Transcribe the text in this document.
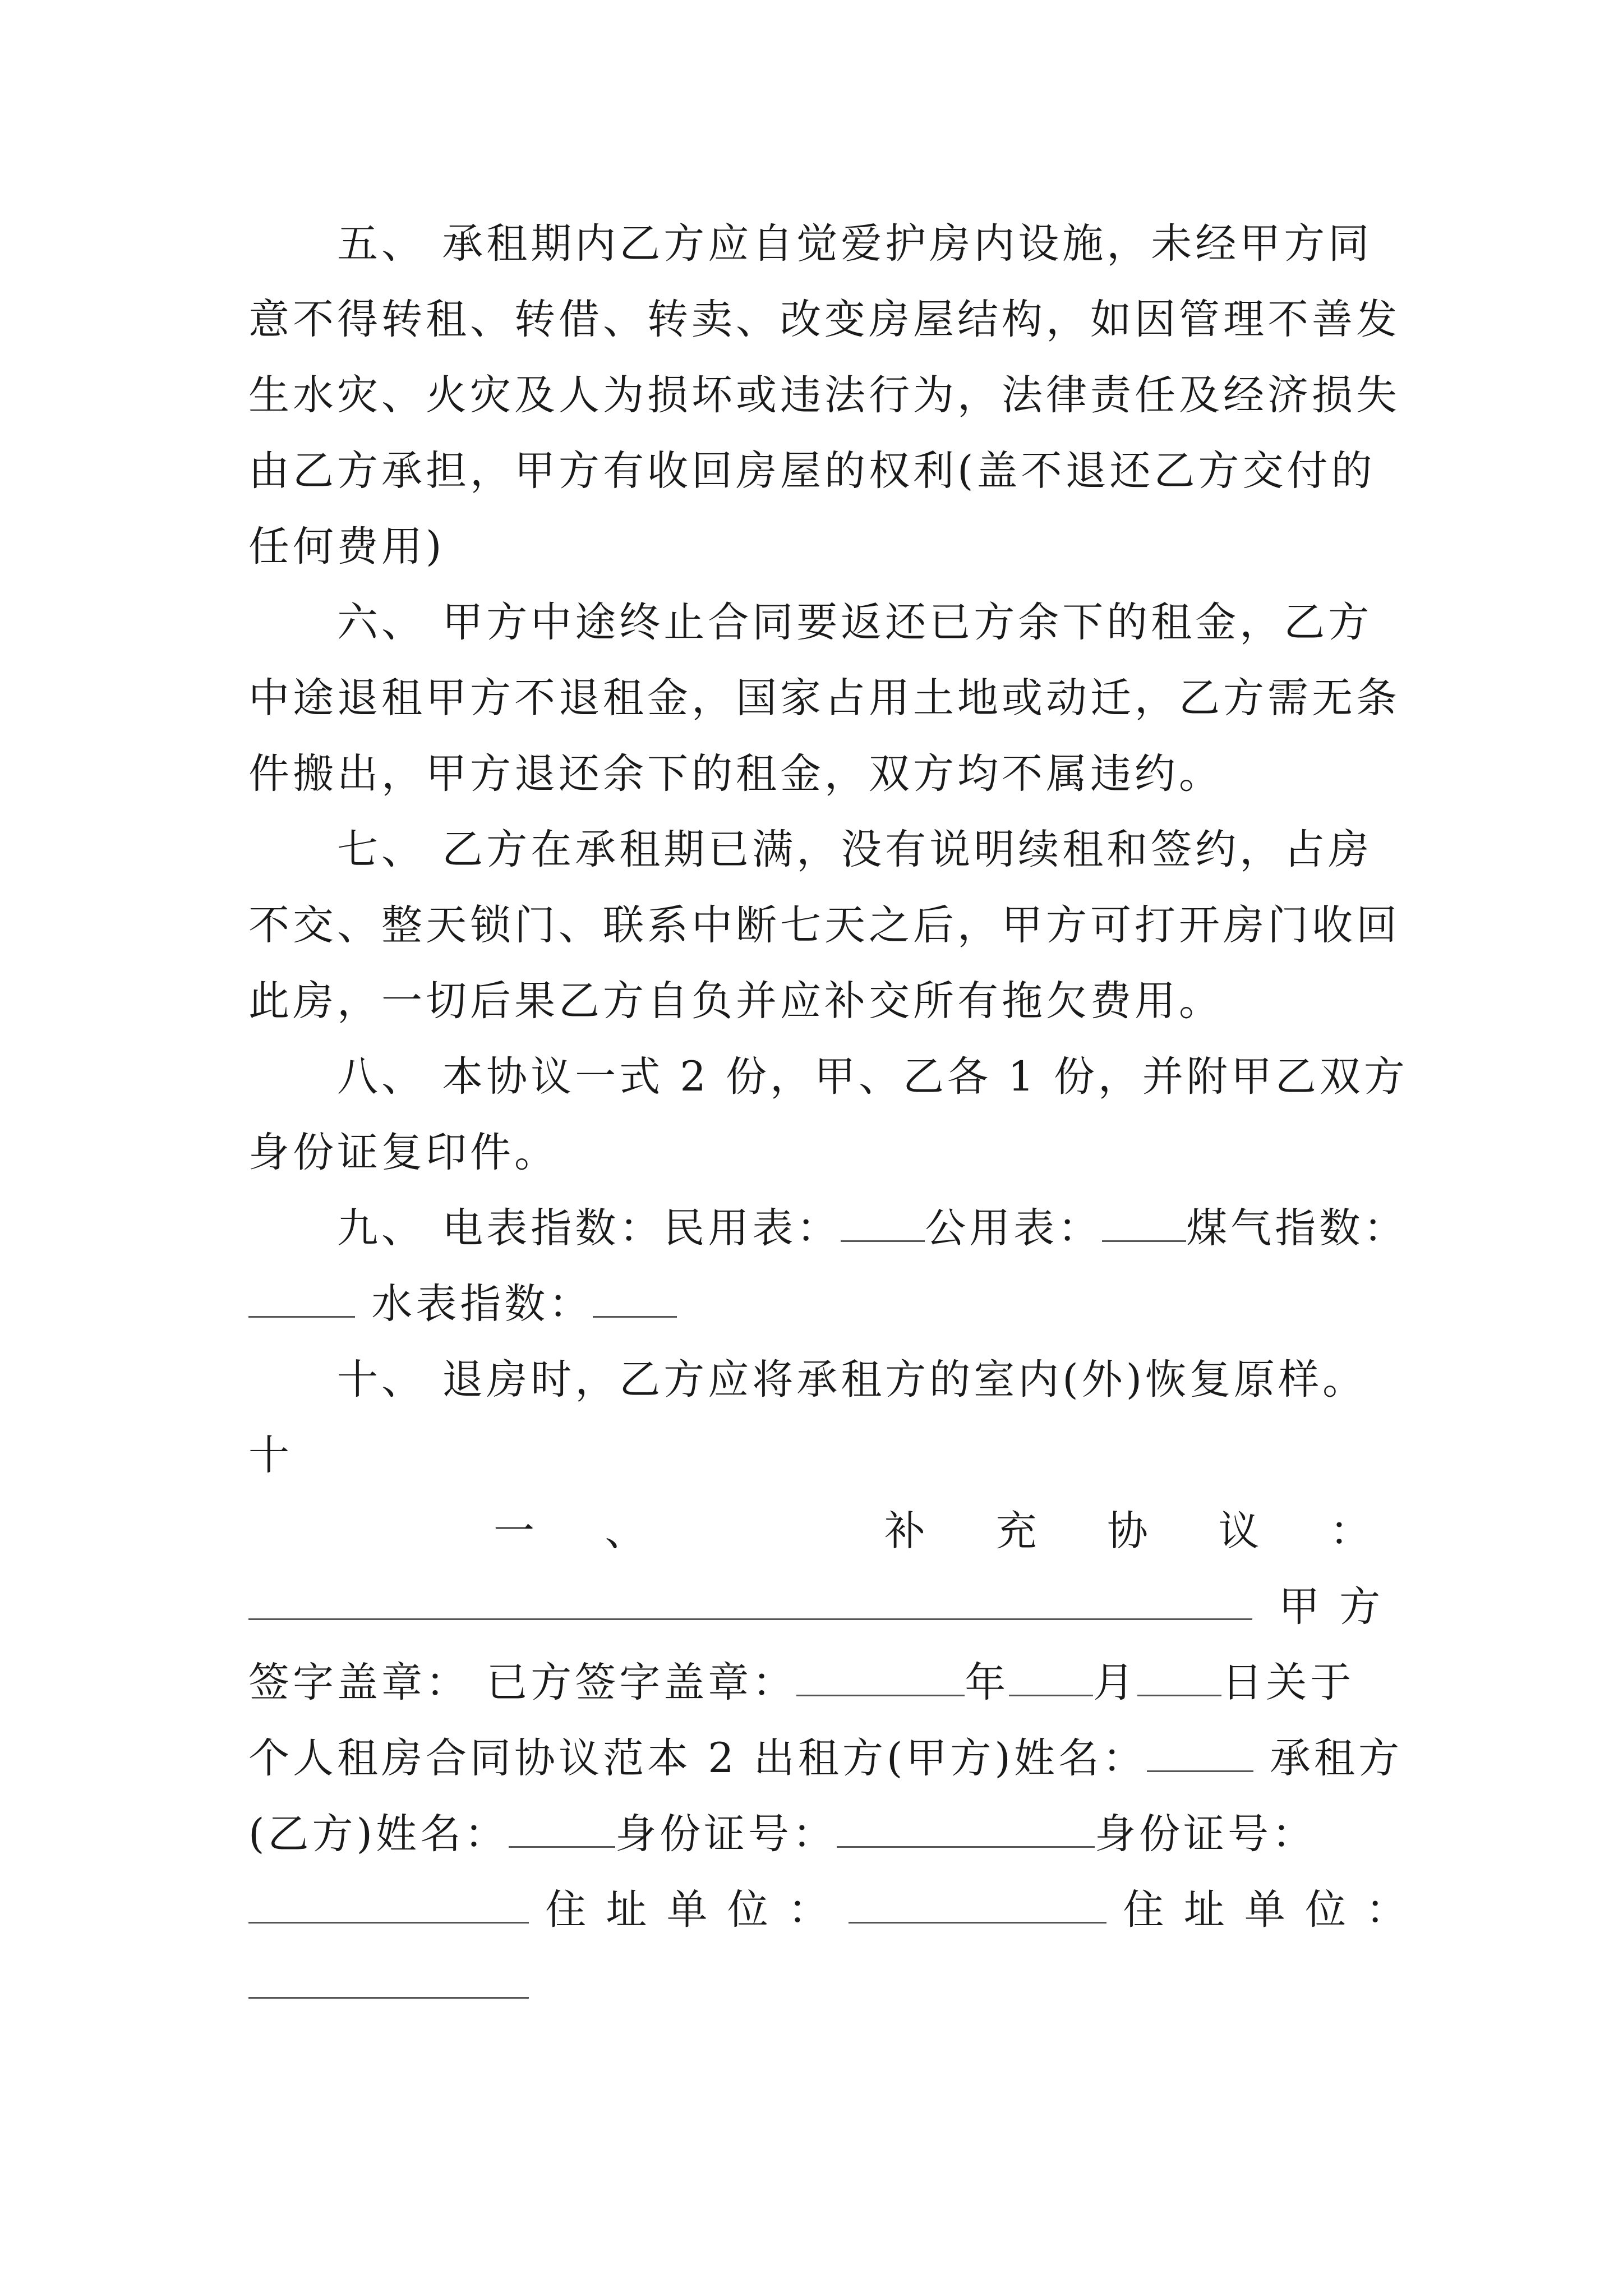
　　五、 承租期内乙方应自觉爱护房内设施，未经甲方同
意不得转租、转借、转卖、改变房屋结构，如因管理不善发
生水灾、火灾及人为损坏或违法行为，法律责任及经济损失
由乙方承担，甲方有收回房屋的权利(盖不退还乙方交付的
任何费用)
　　六、 甲方中途终止合同要返还已方余下的租金，乙方
中途退租甲方不退租金，国家占用土地或动迁，乙方需无条
件搬出，甲方退还余下的租金，双方均不属违约。
　　七、 乙方在承租期已满，没有说明续租和签约，占房
不交、整天锁门、联系中断七天之后，甲方可打开房门收回
此房，一切后果乙方自负并应补交所有拖欠费用。
　　八、 本协议一式 2 份，甲、乙各 1 份，并附甲乙双方
身份证复印件。
　　九、 电表指数：民用表： 公用表： 煤气指数：
水表指数：
　　十、 退房时，乙方应将承租方的室内(外)恢复原样。
十
一 、	补 充 协 议 ：
甲 方
签字盖章： 已方签字盖章：	年 月 日关于
个人租房合同协议范本 2 出租方(甲方)姓名：	承租方
(乙方)姓名：	身份证号：	身份证号：
住 址 单 位 ：	住 址 单 位 ：
